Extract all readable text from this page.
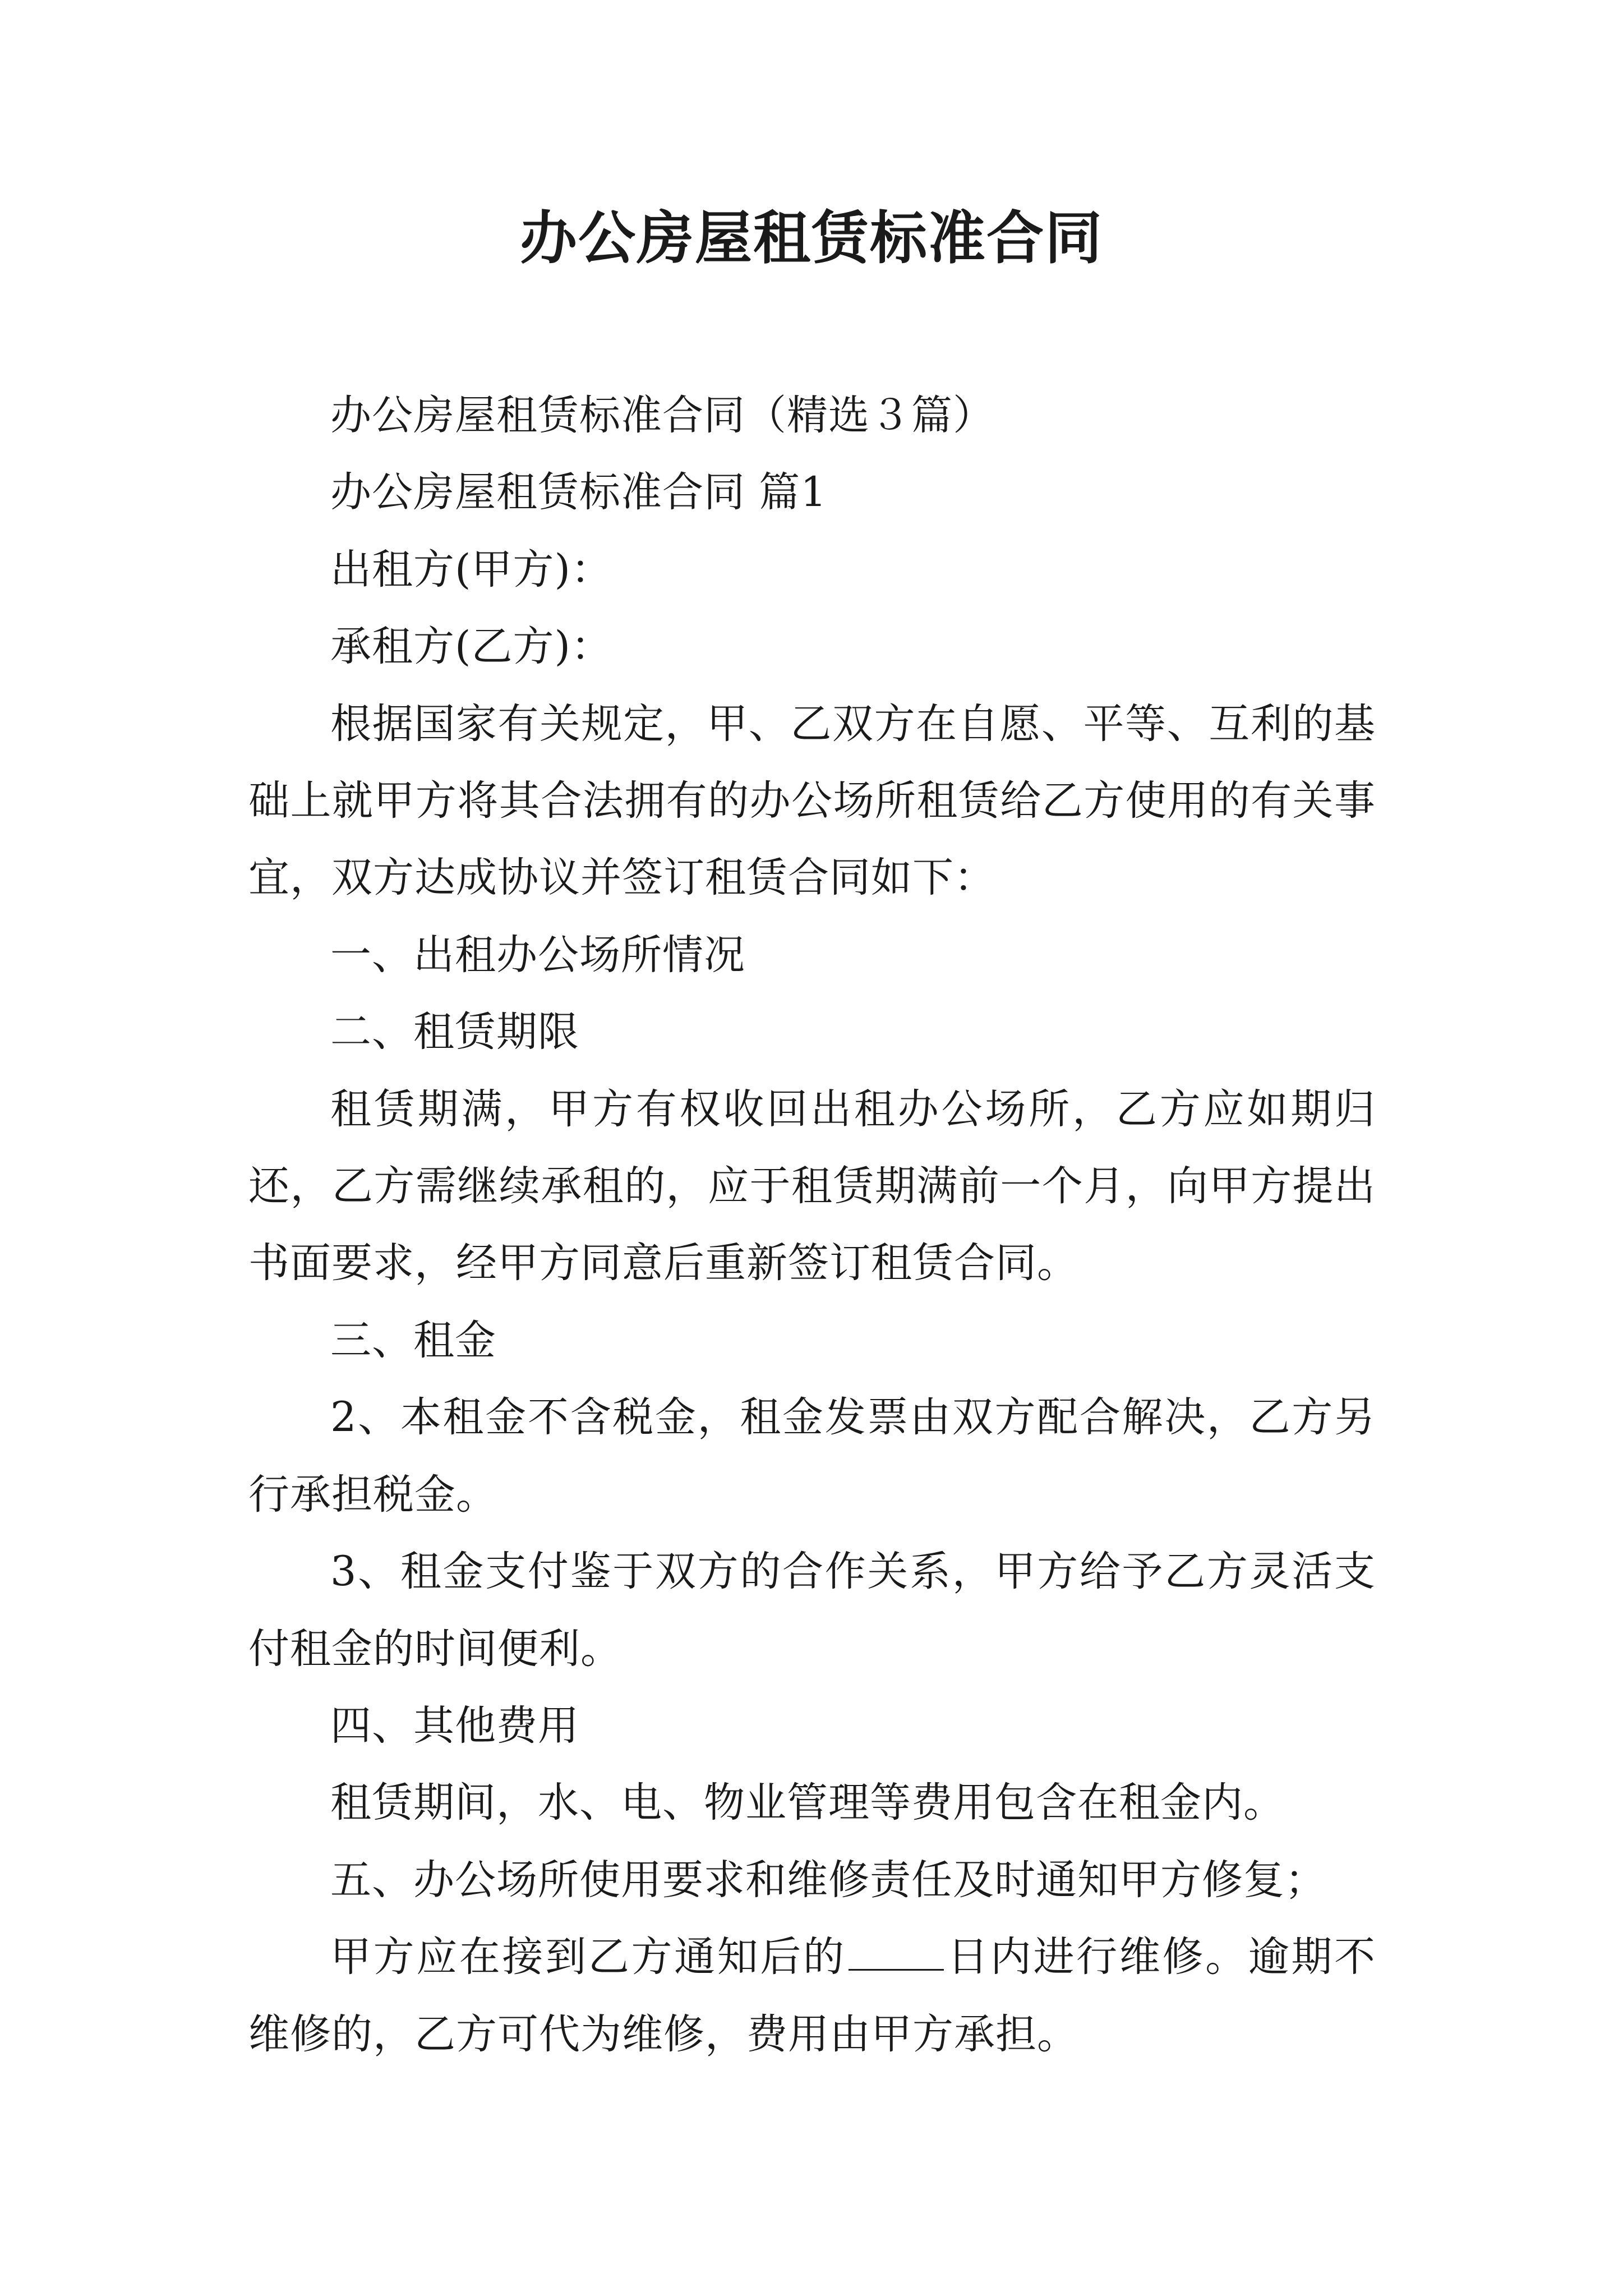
办公房屋租赁标准合同

办公房屋租赁标准合同（精选３篇）

办公房屋租赁标准合同 篇1

出租方(甲方)：

承租方(乙方)：

根据国家有关规定，甲、乙双方在自愿、平等、互利的基础上就甲方将其合法拥有的办公场所租赁给乙方使用的有关事宜，双方达成协议并签订租赁合同如下：

一、出租办公场所情况

二、租赁期限

租赁期满，甲方有权收回出租办公场所，乙方应如期归还，乙方需继续承租的，应于租赁期满前一个月，向甲方提出书面要求，经甲方同意后重新签订租赁合同。

三、租金

2、本租金不含税金，租金发票由双方配合解决，乙方另行承担税金。

3、租金支付鉴于双方的合作关系，甲方给予乙方灵活支付租金的时间便利。

四、其他费用

租赁期间，水、电、物业管理等费用包含在租金内。

五、办公场所使用要求和维修责任及时通知甲方修复；

甲方应在接到乙方通知后的 日内进行维修。逾期不维修的，乙方可代为维修，费用由甲方承担。
